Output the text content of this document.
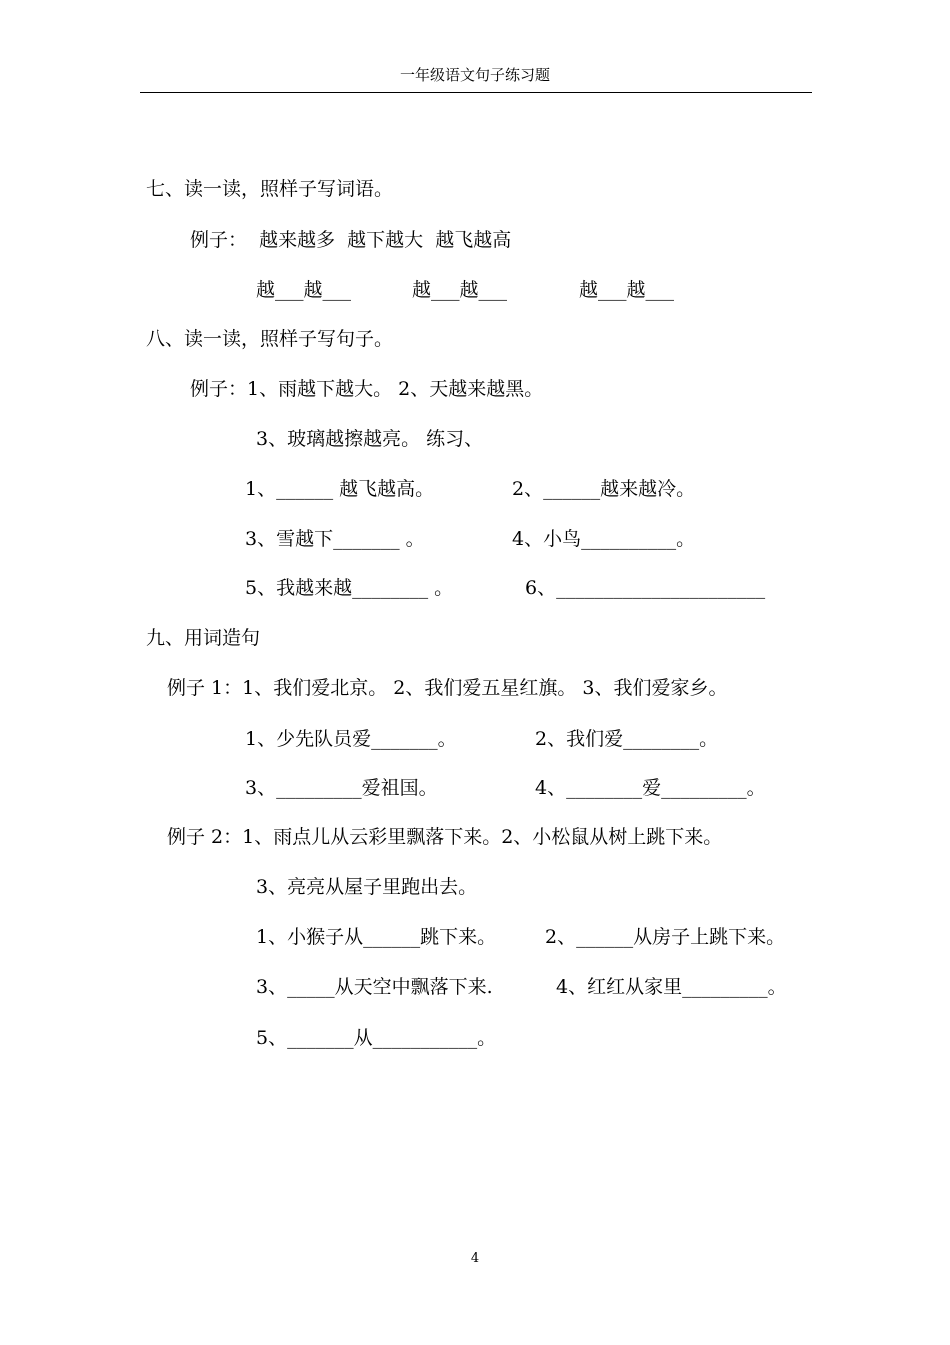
一年级语文句子练习题
七、读一读，照样子写词语。
例子：  越来越多  越下越大  越飞越高
越___越___	越___越___	越___越___
八、读一读，照样子写句子。
例子：1、雨越下越大。 2、天越来越黑。
3、玻璃越擦越亮。 练习、
1、______ 越飞越高。	2、______越来越冷。
3、雪越下_______ 。	4、小鸟__________。
5、我越来越________ 。	6、______________________
九、用词造句
例子 1：1、我们爱北京。 2、我们爱五星红旗。 3、我们爱家乡。
1、少先队员爱_______。	2、我们爱________。
3、_________爱祖国。	4、________爱_________。
例子 2：1、雨点儿从云彩里飘落下来。2、小松鼠从树上跳下来。
3、亮亮从屋子里跑出去。
1、小猴子从______跳下来。	2、______从房子上跳下来。
3、_____从天空中飘落下来.	4、红红从家里_________。
5、_______从___________。
4
